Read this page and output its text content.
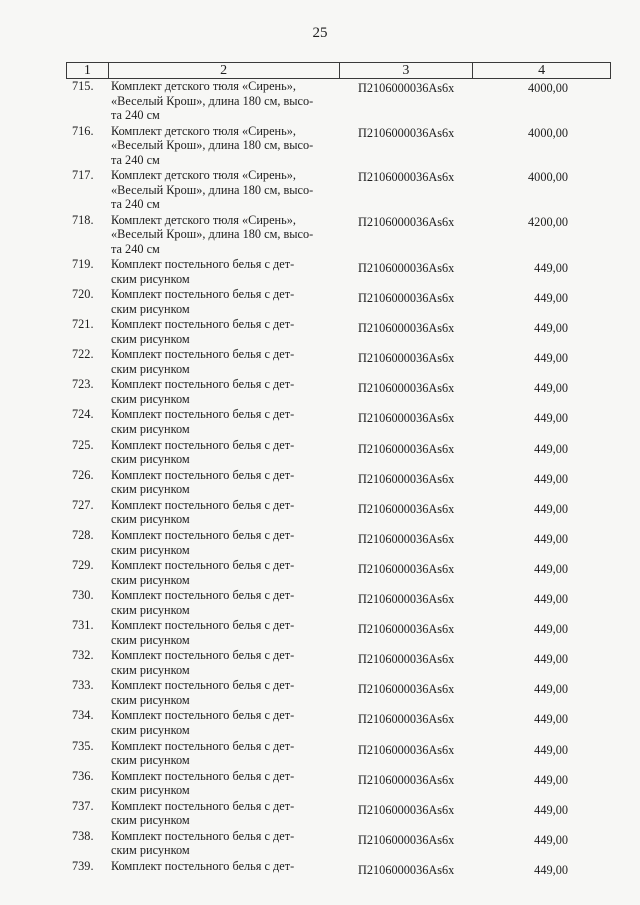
25
1	2	3	4
715. Комплект детского тюля «Сирень»,
«Веселый Крош», длина 180 см, высо-
та 240 см
П2106000036Аs6x	4000,00
716. Комплект детского тюля «Сирень»,
«Веселый Крош», длина 180 см, высо-
та 240 см
П2106000036Аs6x	4000,00
717. Комплект детского тюля «Сирень»,
«Веселый Крош», длина 180 см, высо-
та 240 см
П2106000036Аs6x	4000,00
718. Комплект детского тюля «Сирень»,
«Веселый Крош», длина 180 см, высо-
та 240 см
П2106000036Аs6x	4200,00
719. Комплект постельного белья с дет-
ским рисунком
П2106000036Аs6x	449,00
720. Комплект постельного белья с дет-
ским рисунком
П2106000036Аs6x	449,00
721. Комплект постельного белья с дет-
ским рисунком
П2106000036Аs6x	449,00
722. Комплект постельного белья с дет-
ским рисунком
П2106000036Аs6x	449,00
723. Комплект постельного белья с дет-
ским рисунком
П2106000036Аs6x	449,00
724. Комплект постельного белья с дет-
ским рисунком
П2106000036Аs6x	449,00
725. Комплект постельного белья с дет-
ским рисунком
П2106000036Аs6x	449,00
726. Комплект постельного белья с дет-
ским рисунком
П2106000036Аs6x	449,00
727. Комплект постельного белья с дет-
ским рисунком
П2106000036Аs6x	449,00
728. Комплект постельного белья с дет-
ским рисунком
П2106000036Аs6x	449,00
729. Комплект постельного белья с дет-
ским рисунком
П2106000036Аs6x	449,00
730. Комплект постельного белья с дет-
ским рисунком
П2106000036Аs6x	449,00
731. Комплект постельного белья с дет-
ским рисунком
П2106000036Аs6x	449,00
732. Комплект постельного белья с дет-
ским рисунком
П2106000036Аs6x	449,00
733. Комплект постельного белья с дет-
ским рисунком
П2106000036Аs6x	449,00
734. Комплект постельного белья с дет-
ским рисунком
П2106000036Аs6x	449,00
735. Комплект постельного белья с дет-
ским рисунком
П2106000036Аs6x	449,00
736. Комплект постельного белья с дет-
ским рисунком
П2106000036Аs6x	449,00
737. Комплект постельного белья с дет-
ским рисунком
П2106000036Аs6x	449,00
738. Комплект постельного белья с дет-
ским рисунком
П2106000036Аs6x	449,00
739. Комплект постельного белья с дет-	П2106000036Аs6x	449,00
